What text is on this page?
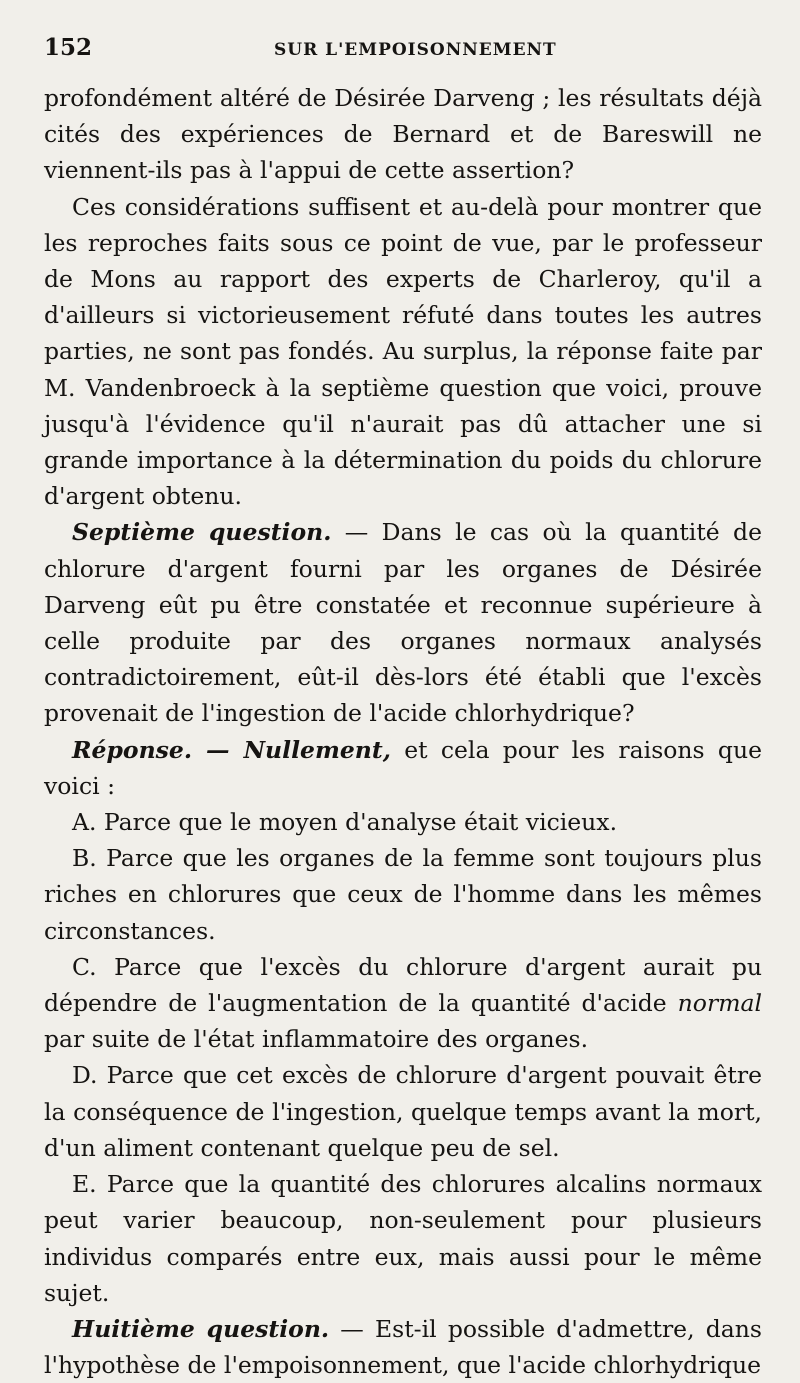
152	SUR L'EMPOISONNEMENT

profondément altéré de Désirée Darveng ; les résultats déjà cités des expériences de Bernard et de Bareswill ne viennent-ils pas à l'appui de cette assertion?

Ces considérations suffisent et au-delà pour montrer que les reproches faits sous ce point de vue, par le professeur de Mons au rapport des experts de Charleroy, qu'il a d'ailleurs si victorieusement réfuté dans toutes les autres parties, ne sont pas fondés. Au surplus, la réponse faite par M. Vandenbroeck à la septième question que voici, prouve jusqu'à l'évidence qu'il n'aurait pas dû attacher une si grande importance à la détermination du poids du chlorure d'argent obtenu.

Septième question. — Dans le cas où la quantité de chlorure d'argent fourni par les organes de Désirée Darveng eût pu être constatée et reconnue supérieure à celle produite par des organes normaux analysés contradictoirement, eût-il dès-lors été établi que l'excès provenait de l'ingestion de l'acide chlorhydrique?

Réponse. — Nullement, et cela pour les raisons que voici :

A. Parce que le moyen d'analyse était vicieux.

B. Parce que les organes de la femme sont toujours plus riches en chlorures que ceux de l'homme dans les mêmes circonstances.

C. Parce que l'excès du chlorure d'argent aurait pu dépendre de l'augmentation de la quantité d'acide normal par suite de l'état inflammatoire des organes.

D. Parce que cet excès de chlorure d'argent pouvait être la conséquence de l'ingestion, quelque temps avant la mort, d'un aliment contenant quelque peu de sel.

E. Parce que la quantité des chlorures alcalins normaux peut varier beaucoup, non-seulement pour plusieurs individus comparés entre eux, mais aussi pour le même sujet.

Huitième question. — Est-il possible d'admettre, dans l'hypothèse de l'empoisonnement, que l'acide chlorhydrique
